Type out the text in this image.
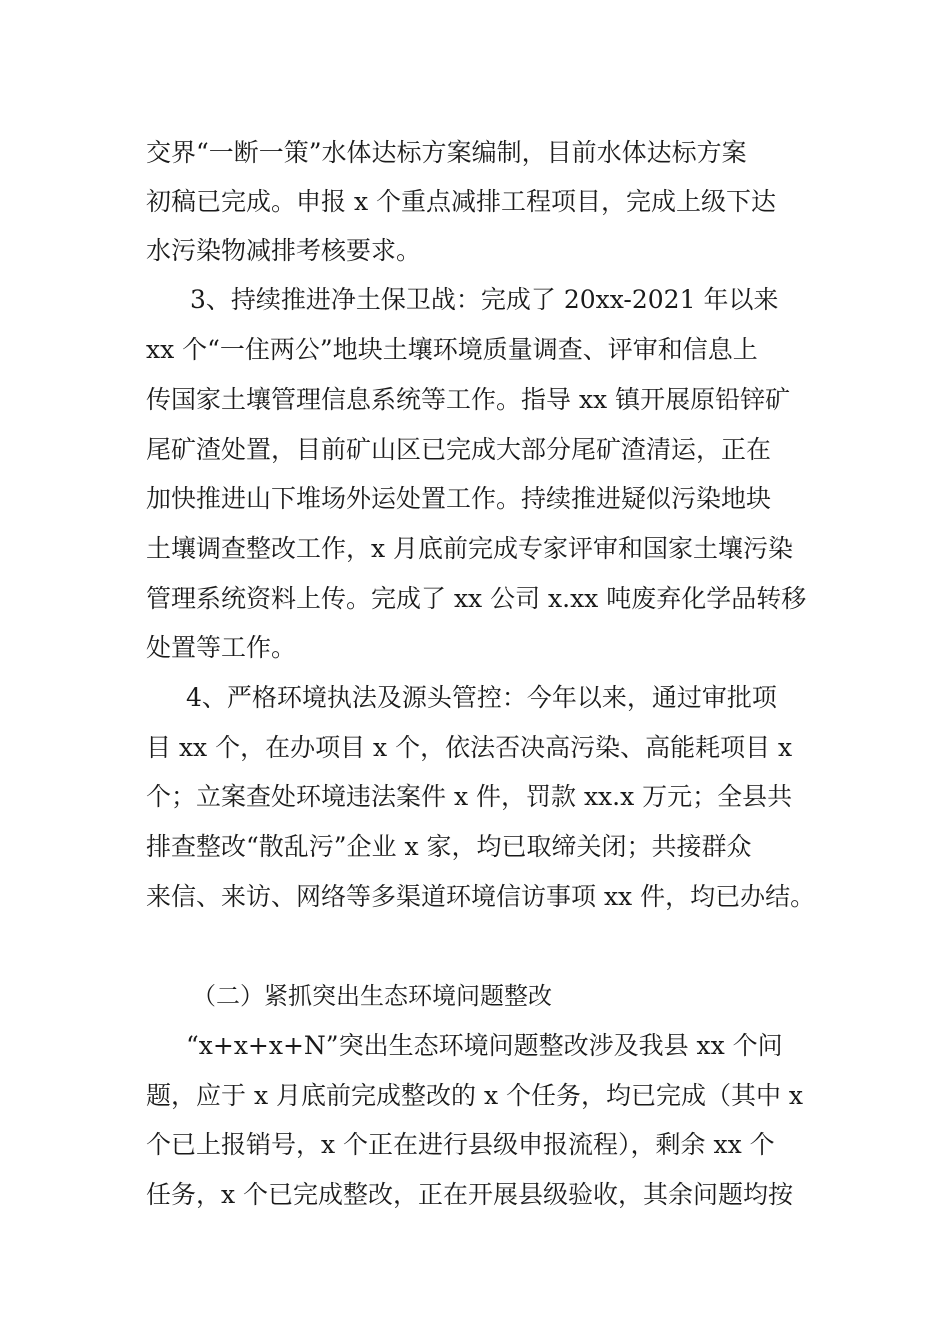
交界“一断一策”水体达标方案编制，目前水体达标方案
初稿已完成。申报 x 个重点减排工程项目，完成上级下达
水污染物减排考核要求。
3、持续推进净土保卫战：完成了 20xx-2021 年以来
xx 个“一住两公”地块土壤环境质量调查、评审和信息上
传国家土壤管理信息系统等工作。指导 xx 镇开展原铅锌矿
尾矿渣处置，目前矿山区已完成大部分尾矿渣清运，正在
加快推进山下堆场外运处置工作。持续推进疑似污染地块
土壤调查整改工作，x 月底前完成专家评审和国家土壤污染
管理系统资料上传。完成了 xx 公司 x.xx 吨废弃化学品转移
处置等工作。
4、严格环境执法及源头管控：今年以来，通过审批项
目 xx 个，在办项目 x 个，依法否决高污染、高能耗项目 x
个；立案查处环境违法案件 x 件，罚款 xx.x 万元；全县共
排查整改“散乱污”企业 x 家，均已取缔关闭；共接群众
来信、来访、网络等多渠道环境信访事项 xx 件，均已办结。
（二）紧抓突出生态环境问题整改
“x+x+x+N”突出生态环境问题整改涉及我县 xx 个问
题，应于 x 月底前完成整改的 x 个任务，均已完成（其中 x
个已上报销号，x 个正在进行县级申报流程），剩余 xx 个
任务，x 个已完成整改，正在开展县级验收，其余问题均按
